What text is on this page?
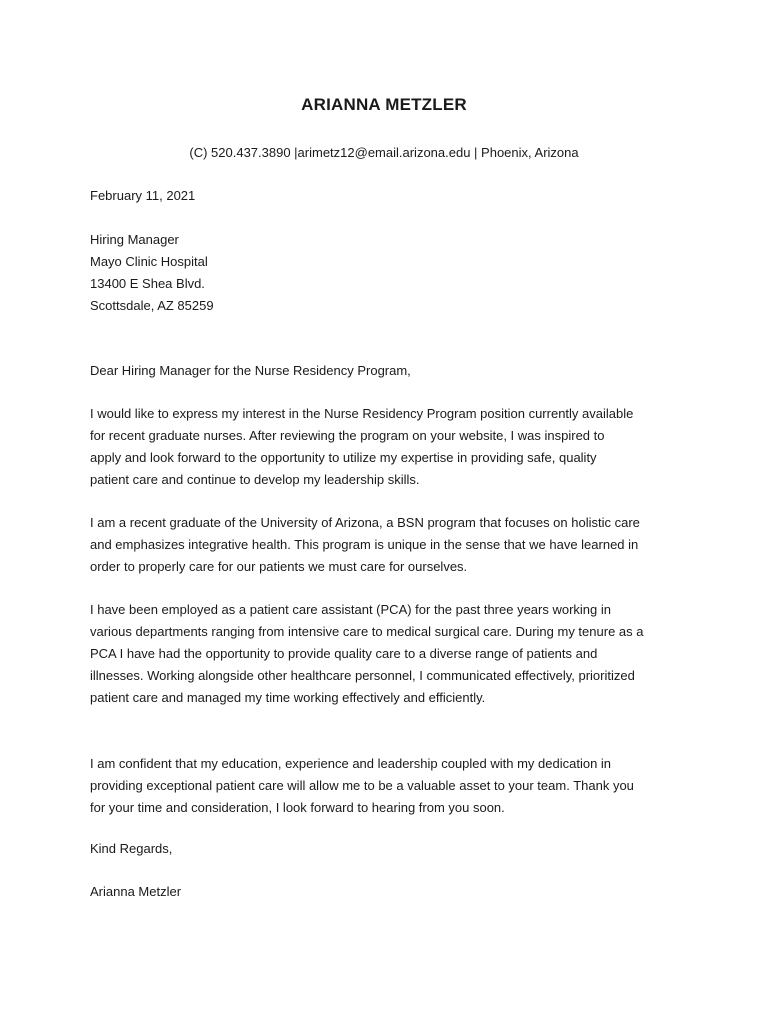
ARIANNA METZLER
(C) 520.437.3890 |arimetz12@email.arizona.edu | Phoenix, Arizona
February 11, 2021
Hiring Manager
Mayo Clinic Hospital
13400 E Shea Blvd.
Scottsdale, AZ 85259
Dear Hiring Manager for the Nurse Residency Program,
I would like to express my interest in the Nurse Residency Program position currently available
for recent graduate nurses. After reviewing the program on your website, I was inspired to
apply and look forward to the opportunity to utilize my expertise in providing safe, quality
patient care and continue to develop my leadership skills.
I am a recent graduate of the University of Arizona, a BSN program that focuses on holistic care
and emphasizes integrative health. This program is unique in the sense that we have learned in
order to properly care for our patients we must care for ourselves.
I have been employed as a patient care assistant (PCA) for the past three years working in
various departments ranging from intensive care to medical surgical care. During my tenure as a
PCA I have had the opportunity to provide quality care to a diverse range of patients and
illnesses. Working alongside other healthcare personnel, I communicated effectively, prioritized
patient care and managed my time working effectively and efficiently.
I am confident that my education, experience and leadership coupled with my dedication in
providing exceptional patient care will allow me to be a valuable asset to your team. Thank you
for your time and consideration, I look forward to hearing from you soon.
Kind Regards,
Arianna Metzler
